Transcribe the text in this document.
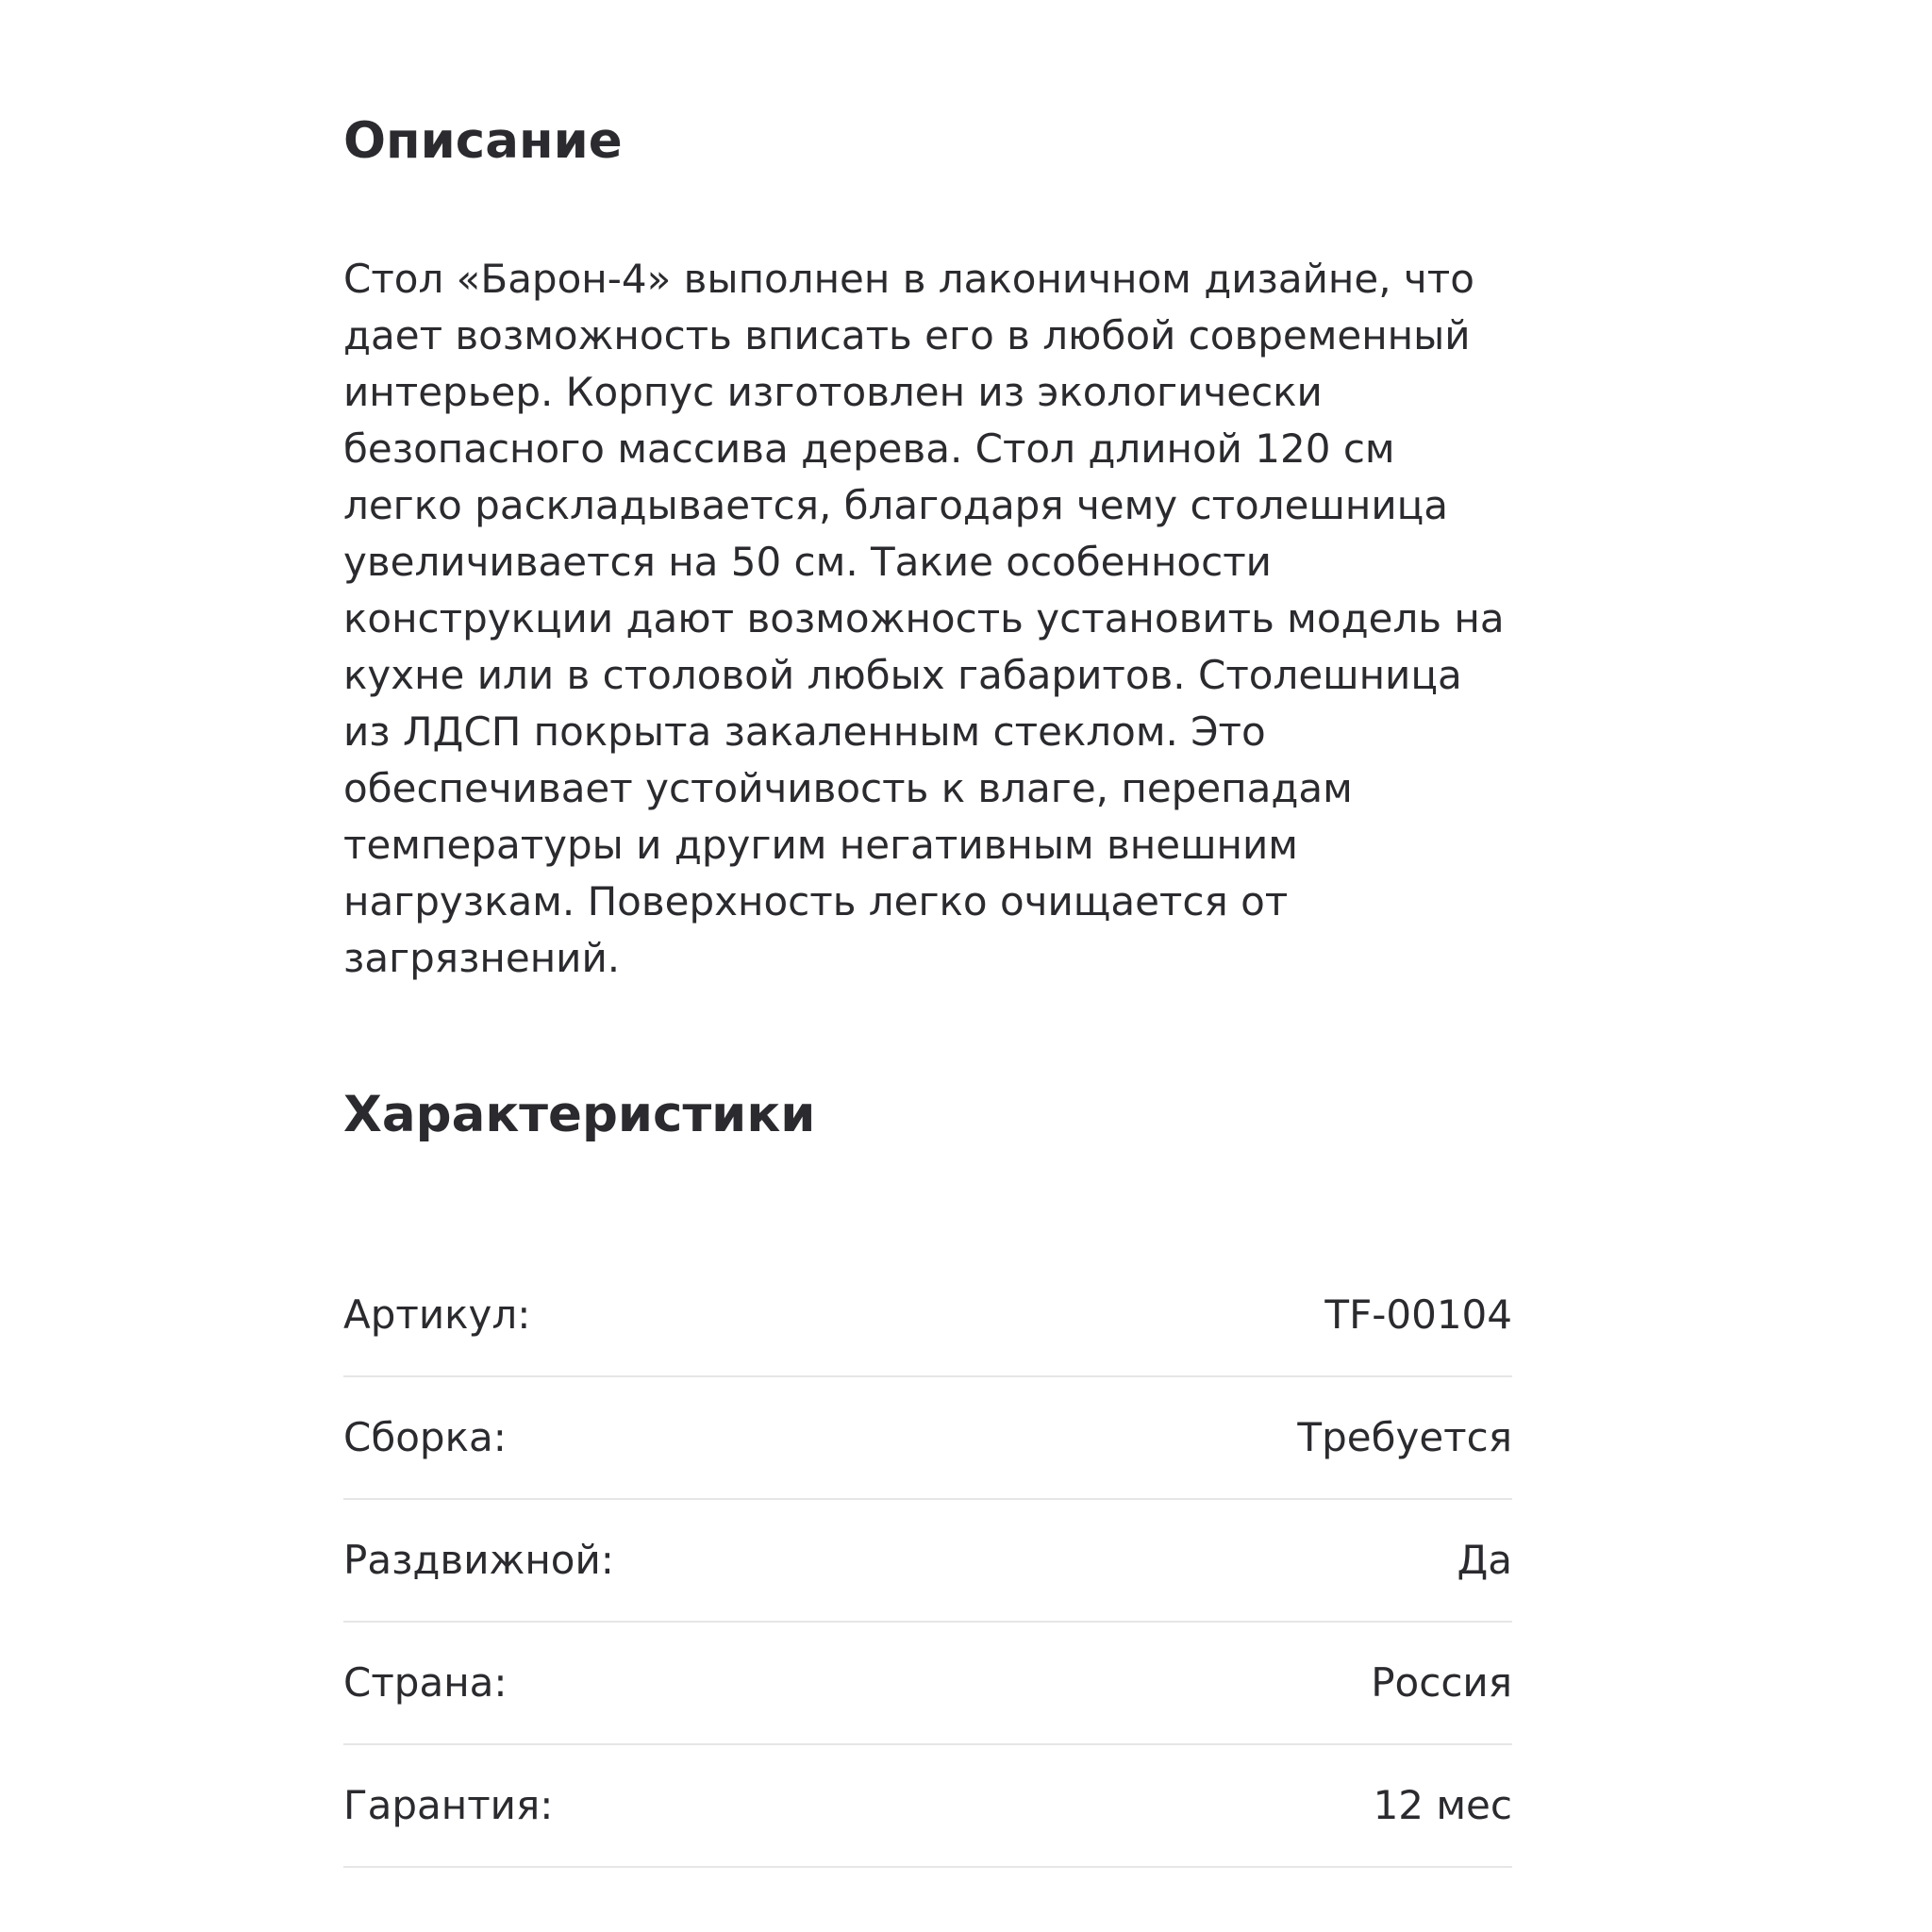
Описание
Стол «Барон-4» выполнен в лаконичном дизайне, что
дает возможность вписать его в любой современный
интерьер. Корпус изготовлен из экологически
безопасного массива дерева. Стол длиной 120 см
легко раскладывается, благодаря чему столешница
увеличивается на 50 см. Такие особенности
конструкции дают возможность установить модель на
кухне или в столовой любых габаритов. Столешница
из ЛДСП покрыта закаленным стеклом. Это
обеспечивает устойчивость к влаге, перепадам
температуры и другим негативным внешним
нагрузкам. Поверхность легко очищается от
загрязнений.
Характеристики
Артикул:	TF-00104
Сборка:	Требуется
Раздвижной:	Да
Страна:	Россия
Гарантия:	12 мес
